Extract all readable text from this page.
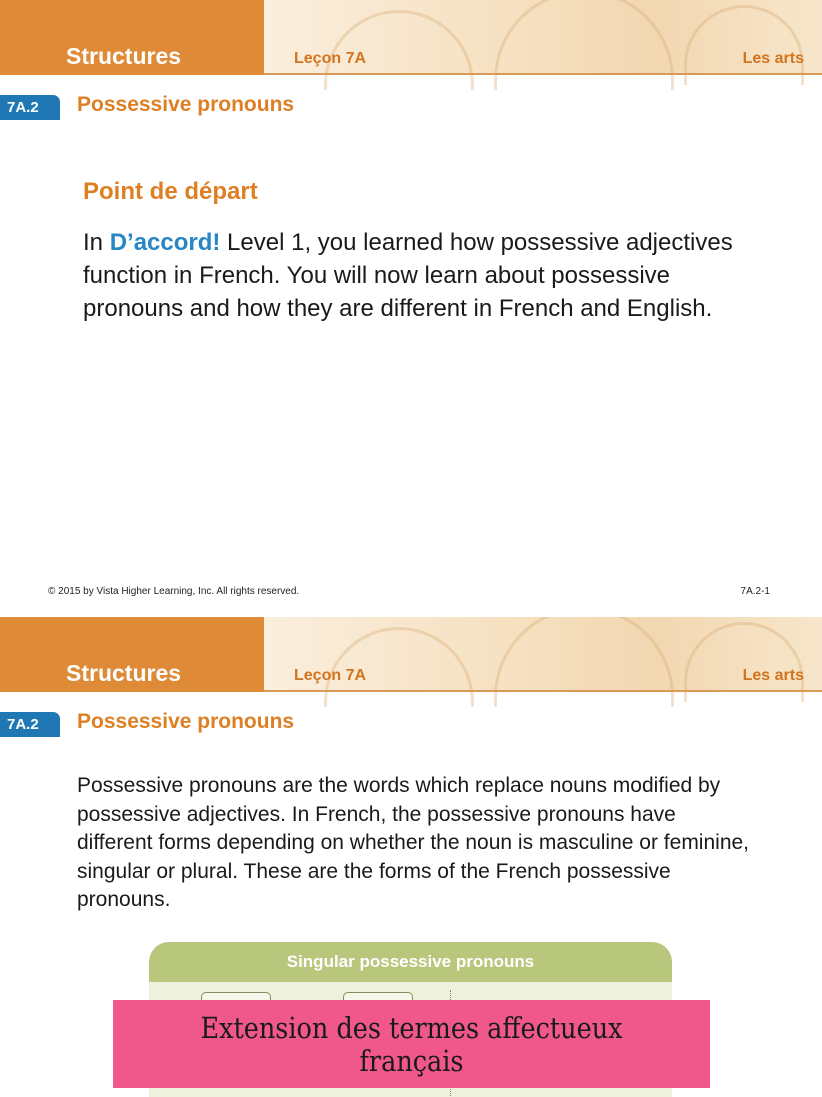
Structures	Leçon 7A	Les arts
7A.2	Possessive pronouns
Point de départ
In D’accord! Level 1, you learned how possessive adjectives function in French. You will now learn about possessive pronouns and how they are different in French and English.
© 2015 by Vista Higher Learning, Inc. All rights reserved.	7A.2-1
Structures	Leçon 7A	Les arts
7A.2	Possessive pronouns
Possessive pronouns are the words which replace nouns modified by possessive adjectives. In French, the possessive pronouns have different forms depending on whether the noun is masculine or feminine, singular or plural. These are the forms of the French possessive pronouns.
Singular possessive pronouns
Extension des termes affectueux
français
